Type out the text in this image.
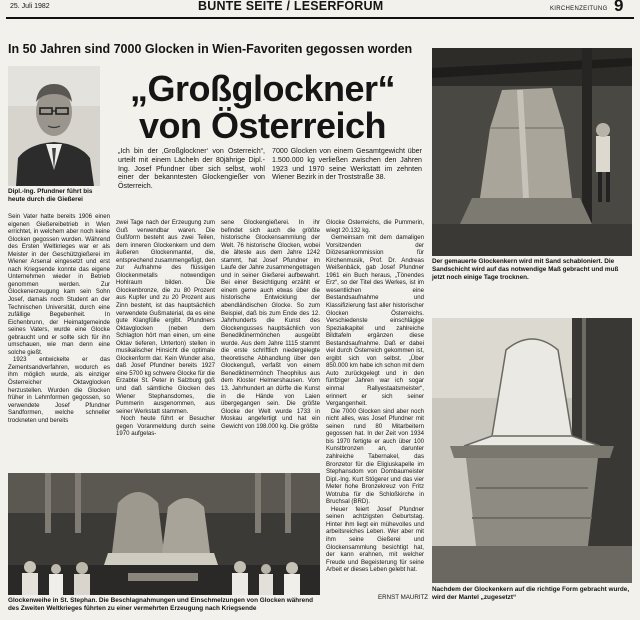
25. Juli 1982	BUNTE SEITE / LESERFORUM	KIRCHENZEITUNG 9
In 50 Jahren sind 7000 Glocken in Wien-Favoriten gegossen worden
„Großglockner“
von Österreich
Dipl.-Ing. Pfundner führt bis heute durch die Gießerei
„Ich bin der ‚Großglockner‘ von Österreich“, urteilt mit einem Lächeln der 80jährige Dipl.-Ing. Josef Pfundner über sich selbst, wohl einer der bekanntesten Glockengießer von Österreich.
7000 Glocken von einem Gesamtgewicht über 1.500.000 kg verließen zwischen den Jahren 1923 und 1970 seine Werkstatt im zehnten Wiener Bezirk in der Troststraße 38.

Sein Vater hatte bereits 1906 einen eigenen Gießereibetrieb in Wien errichtet, in welchem aber noch keine Glocken gegossen wurden. Während des Ersten Weltkrieges war er als Meister in der Geschützgießerei im Wiener Arsenal eingesetzt und erst nach Kriegsende konnte das eigene Unternehmen wieder in Betrieb genommen werden. Zur Glockenerzeugung kam sein Sohn Josef, damals noch Student an der Technischen Universität, durch eine zufällige Begebenheit. In Eichenbrunn, der Heimatgemeinde seines Vaters, wurde eine Glocke gebraucht und er sollte sich für ihn umschauen, wie man denn eine solche gießt.

1923 entwickelte er das Zementsandverfahren, wodurch es ihm möglich wurde, als einziger Österreicher Oktavglocken herzustellen. Wurden die Glocken früher in Lehmformen gegossen, so verwendete Josef Pfundner Sandformen, welche schneller trockneten und bereits

zwei Tage nach der Erzeugung zum Guß verwendbar waren. Die Gußform besteht aus zwei Teilen, dem inneren Glockenkern und dem äußeren Glockenmantel, die, entsprechend zusammengefügt, den zur Aufnahme des flüssigen Glockenmetalls notwendigen Hohlraum bilden. Die Glockenbronze, die zu 80 Prozent aus Kupfer und zu 20 Prozent aus Zinn besteht, ist das hauptsächlich verwendete Gußmaterial, da es eine gute Klangfülle ergibt. Pfundners Oktavglocken (neben dem Schlagton hört man einen, um eine Oktav tieferen, Unterton) stellen in musikalischer Hinsicht die optimale Glockenform dar. Kein Wunder also, daß Josef Pfundner bereits 1927 eine 5700 kg schwere Glocke für die Erzabtei St. Peter in Salzburg goß und daß sämtliche Glocken des Wiener Stephansdomes, die Pummerin ausgenommen, aus seiner Werkstatt stammen.

Noch heute führt er Besucher gegen Voranmeldung durch seine 1970 aufgelas-

sene Glockengießerei. In ihr befindet sich auch die größte historische Glockensammlung der Welt. 76 historische Glocken, wobei die älteste aus dem Jahre 1242 stammt, hat Josef Pfundner im Laufe der Jahre zusammengetragen und in seiner Gießerei aufbewahrt. Bei einer Besichtigung erzählt er einem gerne auch etwas über die historische Entwicklung der abendländischen Glocke. So zum Beispiel, daß bis zum Ende des 12. Jahrhunderts die Kunst des Glockengusses hauptsächlich von Benediktinermönchen ausgeübt wurde. Aus dem Jahre 1115 stammt die erste schriftlich niedergelegte theoretische Abhandlung über den Glockenguß, verfaßt von einem Benediktinermönch Theophilus aus dem Kloster Helmershausen. Vom 13. Jahrhundert an dürfte die Kunst in die Hände von Laien übergegangen sein. Die größte Glocke der Welt wurde 1733 in Moskau angefertigt und hat ein Gewicht von 198.000 kg. Die größte

Glocke Österreichs, die Pummerin, wiegt 20.132 kg.

Gemeinsam mit dem damaligen Vorsitzenden der Diözesankommission für Kirchenmusik, Prof. Dr. Andreas Weißenbäck, gab Josef Pfundner 1961 ein Buch heraus, „Tönendes Erz“, so der Titel des Werkes, ist im wesentlichen eine Bestandsaufnahme und Klassifizierung fast aller historischer Glocken Österreichs. Verschiedenste einschlägige Spezialkapitel und zahlreiche Bildtafeln ergänzen diese Bestandsaufnahme. Daß er dabei viel durch Österreich gekommen ist, ergibt sich von selbst. „Über 850.000 km habe ich schon mit dem Auto zurückgelegt und in den fünfziger Jahren war ich sogar einmal Rallyestaatsmeister“, erinnert er sich seiner Vergangenheit.

Die 7000 Glocken sind aber noch nicht alles, was Josef Pfundner mit seinen rund 80 Mitarbeitern gegossen hat. In der Zeit von 1934 bis 1970 fertigte er auch über 100 Kunstbronzen an, darunter zahlreiche Tabernakel, das Bronzetor für die Eligiuskapelle im Stephansdom von Dombaumeister Dipl.-Ing. Kurt Stögerer und das vier Meter hohe Bronzekreuz von Fritz Wotruba für die Schloßkirche in Bruchsal (BRD).

Heuer feiert Josef Pfundner seinen achtzigsten Geburtstag. Hinter ihm liegt ein mühevolles und arbeitsreiches Leben. Wer aber mit ihm seine Gießerei und Glockensammlung besichtigt hat, der kann erahnen, mit welcher Freude und Begeisterung für seine Arbeit er dieses Leben gelebt hat.

ERNST MAURITZ
Der gemauerte Glockenkern wird mit Sand schabloniert. Die Sandschicht wird auf das notwendige Maß gebracht und muß jetzt noch einige Tage trocknen.
Nachdem der Glockenkern auf die richtige Form gebracht wurde, wird der Mantel „zugesetzt“
Glockenweihe in St. Stephan. Die Beschlagnahmungen und Einschmelzungen von Glocken während des Zweiten Weltkrieges führten zu einer vermehrten Erzeugung nach Kriegsende
